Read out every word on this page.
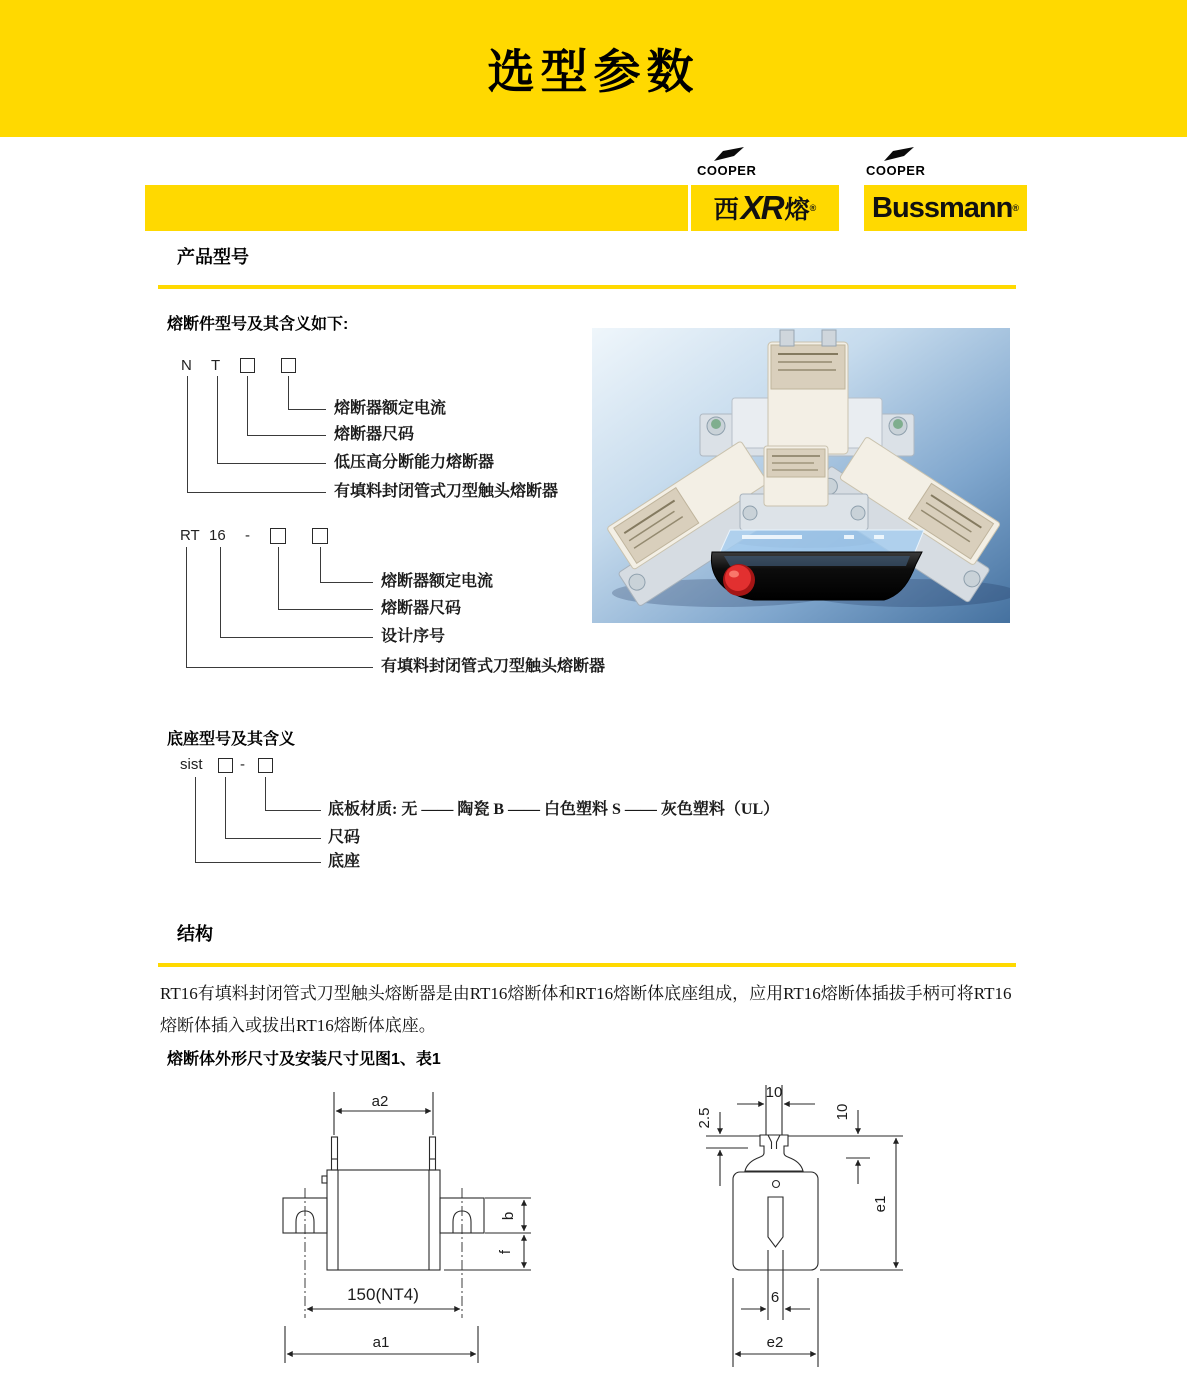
选型参数
COOPER
西 XR 熔 ®
COOPER
Bussmann ®
产品型号
熔断件型号及其含义如下:
N T
熔断器额定电流
熔断器尺码
低压高分断能力熔断器
有填料封闭管式刀型触头熔断器
RT 16 -
熔断器额定电流
熔断器尺码
设计序号
有填料封闭管式刀型触头熔断器
底座型号及其含义
sist	-
底板材质: 无 —— 陶瓷 B —— 白色塑料 S —— 灰色塑料（UL）
尺码
底座
结构
RT16有填料封闭管式刀型触头熔断器是由RT16熔断体和RT16熔断体底座组成，应用RT16熔断体插拔手柄可将RT16熔断体插入或拔出RT16熔断体底座。
熔断体外形尺寸及安装尺寸见图1、表1
a2
b
f
150(NT4)
a1
10
2.5	10
e1
6
e2
